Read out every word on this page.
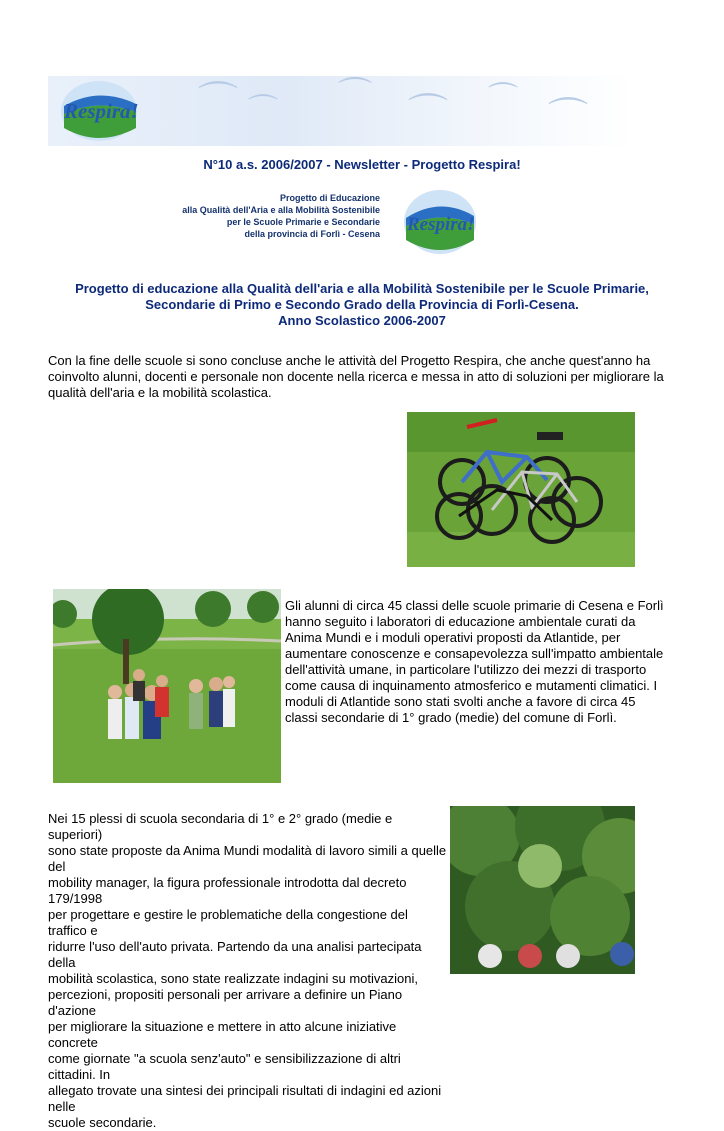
Respira! ⌒ ⌒ ⌒ ⌒ ⌒ ⌒
N°10 a.s. 2006/2007 - Newsletter - Progetto Respira!
Progetto di Educazione
alla Qualità dell'Aria e alla Mobilità Sostenibile
per le Scuole Primarie e Secondarie
della provincia di Forlì - Cesena Respira!
Progetto di educazione alla Qualità dell'aria e alla Mobilità Sostenibile per le Scuole Primarie,
Secondarie di Primo e Secondo Grado della Provincia di Forlì-Cesena.
Anno Scolastico 2006-2007
Con la fine delle scuole si sono concluse anche le attività del Progetto Respira, che anche quest'anno ha
coinvolto alunni, docenti e personale non docente nella ricerca e messa in atto di soluzioni per migliorare la
qualità dell'aria e la mobilità scolastica.
Gli alunni di circa 45 classi delle scuole primarie di Cesena e Forlì
hanno seguito i laboratori di educazione ambientale curati da
Anima Mundi e i moduli operativi proposti da Atlantide, per
aumentare conoscenze e consapevolezza sull'impatto ambientale
dell'attività umane, in particolare l'utilizzo dei mezzi di trasporto
come causa di inquinamento atmosferico e mutamenti climatici. I
moduli di Atlantide sono stati svolti anche a favore di circa 45
classi secondarie di 1° grado (medie) del comune di Forlì.
Nei 15 plessi di scuola secondaria di 1° e 2° grado (medie e superiori)
sono state proposte da Anima Mundi modalità di lavoro simili a quelle del
mobility manager, la figura professionale introdotta dal decreto 179/1998
per progettare e gestire le problematiche della congestione del traffico e
ridurre l'uso dell'auto privata. Partendo da una analisi partecipata della
mobilità scolastica, sono state realizzate indagini su motivazioni,
percezioni, propositi personali per arrivare a definire un Piano d'azione
per migliorare la situazione e mettere in atto alcune iniziative concrete
come giornate "a scuola senz'auto" e sensibilizzazione di altri cittadini. In
allegato trovate una sintesi dei principali risultati di indagini ed azioni nelle
scuole secondarie.
